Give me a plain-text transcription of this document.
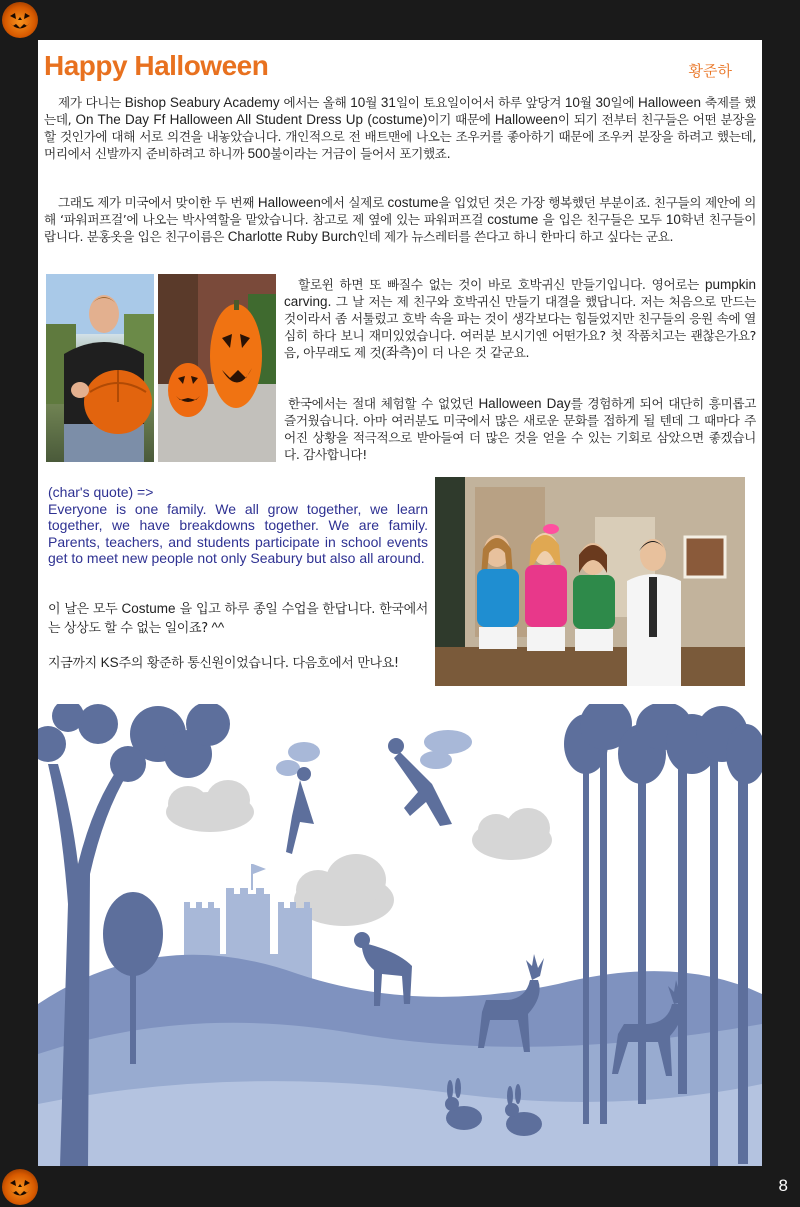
8
Happy Halloween	황준하

제가 다니는 Bishop Seabury Academy 에서는 올해 10월 31일이 토요일이어서 하루 앞당겨 10월 30일에 Halloween 축제를 했는데, On The Day Ff Halloween All Student Dress Up (costume)이기 때문에 Halloween이 되기 전부터 친구들은 어떤 분장을 할 것인가에 대해 서로 의견을 내놓았습니다. 개인적으로 전 배트맨에 나오는 조우커를 좋아하기 때문에 조우커 분장을 하려고 했는데, 머리에서 신발까지 준비하려고 하니까 500불이라는 거금이 들어서 포기했죠.

그래도 제가 미국에서 맞이한 두 번째 Halloween에서 실제로 costume을 입었던 것은 가장 행복했던 부분이죠. 친구들의 제안에 의해 ‘파워퍼프걸’에 나오는 박사역할을 맡았습니다. 참고로 제 옆에 있는 파워퍼프걸 costume 을 입은 친구들은 모두 10학년 친구들이랍니다. 분홍옷을 입은 친구이름은 Charlotte Ruby Burch인데 제가 뉴스레터를 쓴다고 하니 한마디 하고 싶다는 군요.

할로윈 하면 또 빠질수 없는 것이 바로 호박귀신 만들기입니다. 영어로는 pumpkin carving. 그 날 저는 제 친구와 호박귀신 만들기 대결을 했답니다. 저는 처음으로 만드는 것이라서 좀 서툴렀고 호박 속을 파는 것이 생각보다는 힘들었지만 친구들의 응원 속에 열심히 하다 보니 재미있었습니다. 여러분 보시기엔 어떤가요? 첫 작품치고는 괜찮은가요? 음, 아무래도 제 것(좌측)이 더 나은 것 같군요.

한국에서는 절대 체험할 수 없었던 Halloween Day를 경험하게 되어 대단히 흥미롭고 즐거웠습니다. 아마 여러분도 미국에서 많은 새로운 문화를 접하게 될 텐데 그 때마다 주어진 상황을 적극적으로 받아들여 더 많은 것을 얻을 수 있는 기회로 삼았으면 좋겠습니다. 감사합니다!

(char's quote) =>
Everyone is one family. We all grow together, we learn together, we have breakdowns together. We are family. Parents, teachers, and students participate in school events get to meet new people not only Seabury but also all around.

이 날은 모두 Costume 을 입고 하루 종일 수업을 한답니다. 한국에서는 상상도 할 수 없는 일이죠? ^^

지금까지 KS주의 황준하 통신원이었습니다. 다음호에서 만나요!
